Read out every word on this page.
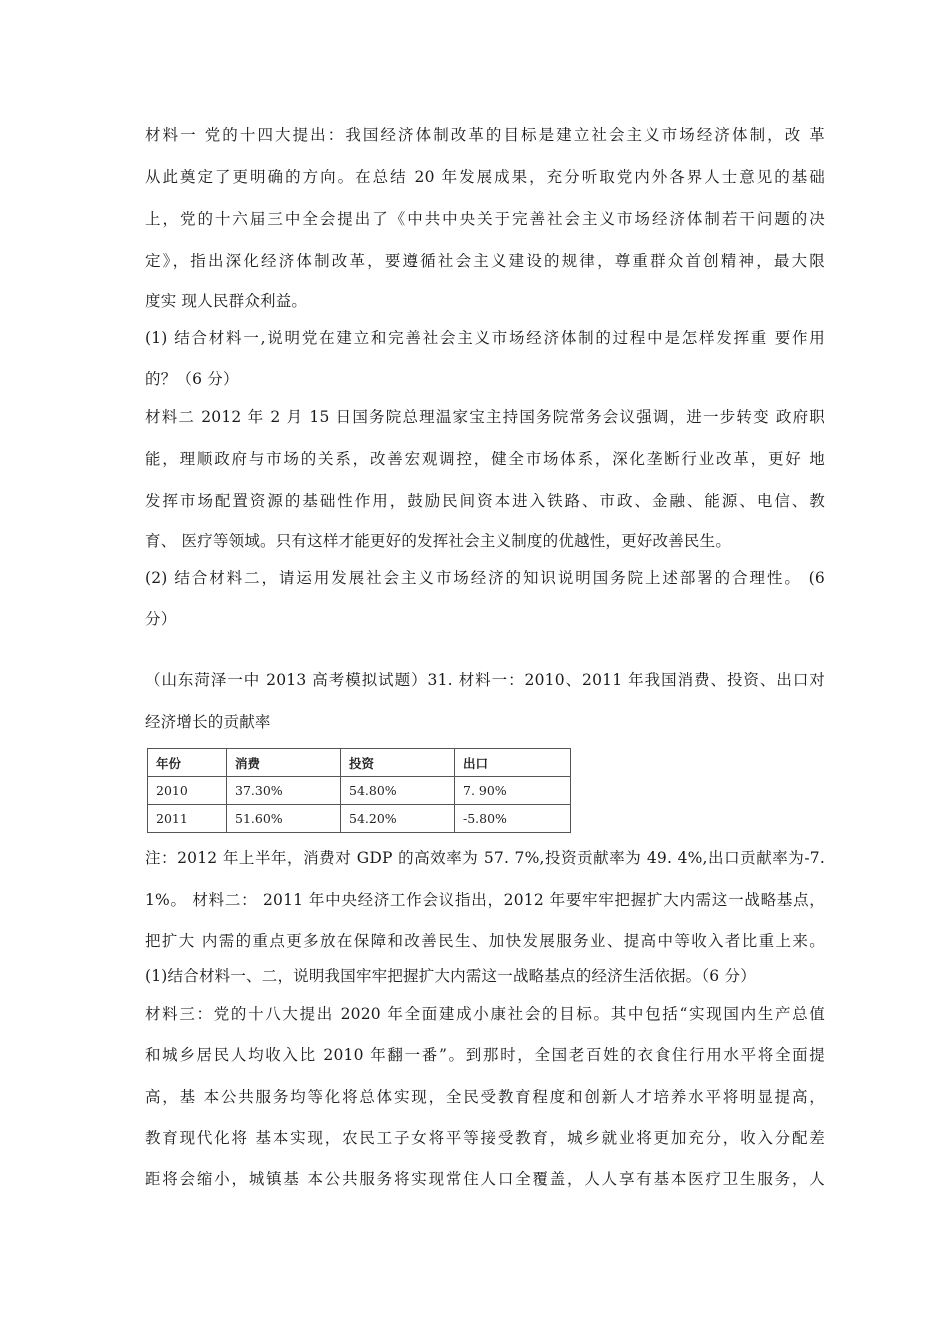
材料一 党的十四大提出：我国经济体制改革的目标是建立社会主义市场经济体制，改 革
从此奠定了更明确的方向。在总结 20 年发展成果，充分听取党内外各界人士意见的基础
上，党的十六届三中全会提出了《中共中央关于完善社会主义市场经济体制若干问题的决
定》，指出深化经济体制改革，要遵循社会主义建设的规律，尊重群众首创精神，最大限
度实 现人民群众利益。
(1) 结合材料一,说明党在建立和完善社会主义市场经济体制的过程中是怎样发挥重 要作用
的？（6 分）
材料二 2012 年 2 月 15 日国务院总理温家宝主持国务院常务会议强调，进一步转变 政府职
能，理顺政府与市场的关系，改善宏观调控，健全市场体系，深化垄断行业改革，更好 地
发挥市场配置资源的基础性作用，鼓励民间资本进入铁路、市政、金融、能源、电信、教
育、 医疗等领域。只有这样才能更好的发挥社会主义制度的优越性，更好改善民生。
(2) 结合材料二，请运用发展社会主义市场经济的知识说明国务院上述部署的合理性。 (6
分）
（山东菏泽一中 2013 高考模拟试题）31. 材料一：2010、2011 年我国消费、投资、出口对
经济增长的贡献率
年份	消费	投资	出口
2010	37.30%	54.80%	7. 90%
2011	51.60%	54.20%	-5.80%
注：2012 年上半年，消费对 GDP 的高效率为 57. 7%,投资贡献率为 49. 4%,出口贡献率为-7.
1%。 材料二： 2011 年中央经济工作会议指出，2012 年要牢牢把握扩大内需这一战略基点，
把扩大 内需的重点更多放在保障和改善民生、加快发展服务业、提高中等收入者比重上来。
(1)结合材料一、二，说明我国牢牢把握扩大内需这一战略基点的经济生活依据。（6 分）
材料三：党的十八大提出 2020 年全面建成小康社会的目标。其中包括“实现国内生产总值
和城乡居民人均收入比 2010 年翻一番”。到那时，全国老百姓的衣食住行用水平将全面提
高，基 本公共服务均等化将总体实现，全民受教育程度和创新人才培养水平将明显提高，
教育现代化将 基本实现，农民工子女将平等接受教育，城乡就业将更加充分，收入分配差
距将会缩小，城镇基 本公共服务将实现常住人口全覆盖，人人享有基本医疗卫生服务，人
